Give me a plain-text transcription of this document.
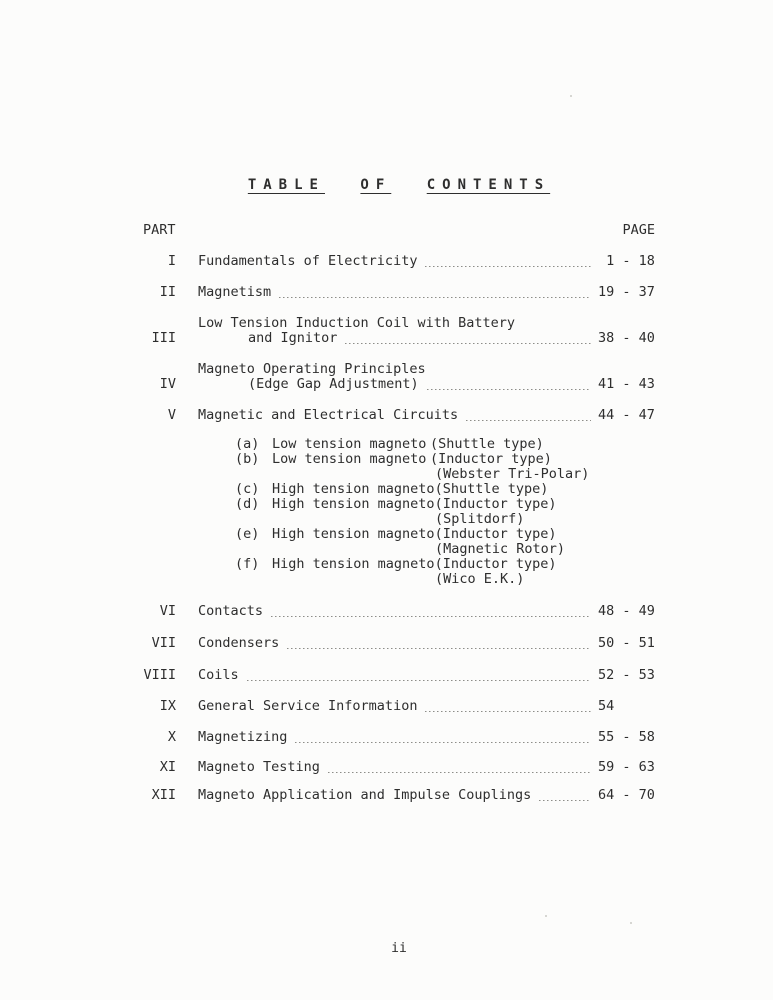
TABLE	OF	CONTENTS
PART	PAGE
I Fundamentals of Electricity	1 - 18
II Magnetism	19 - 37
III
Low Tension Induction Coil with Battery
and Ignitor	38 - 40
IV
Magneto Operating Principles
(Edge Gap Adjustment)	41 - 43
V Magnetic and Electrical Circuits	44 - 47
(a) Low tension magneto (Shuttle type)
(b) Low tension magneto (Inductor type)
(Webster Tri-Polar)
(c) High tension magneto (Shuttle type)
(d) High tension magneto (Inductor type)
(Splitdorf)
(e) High tension magneto (Inductor type)
(Magnetic Rotor)
(f) High tension magneto (Inductor type)
(Wico E.K.)
VI Contacts	48 - 49
VII Condensers	50 - 51
VIII Coils	52 - 53
IX General Service Information	54
X Magnetizing	55 - 58
XI Magneto Testing	59 - 63
XII Magneto Application and Impulse Couplings	64 - 70
ii
